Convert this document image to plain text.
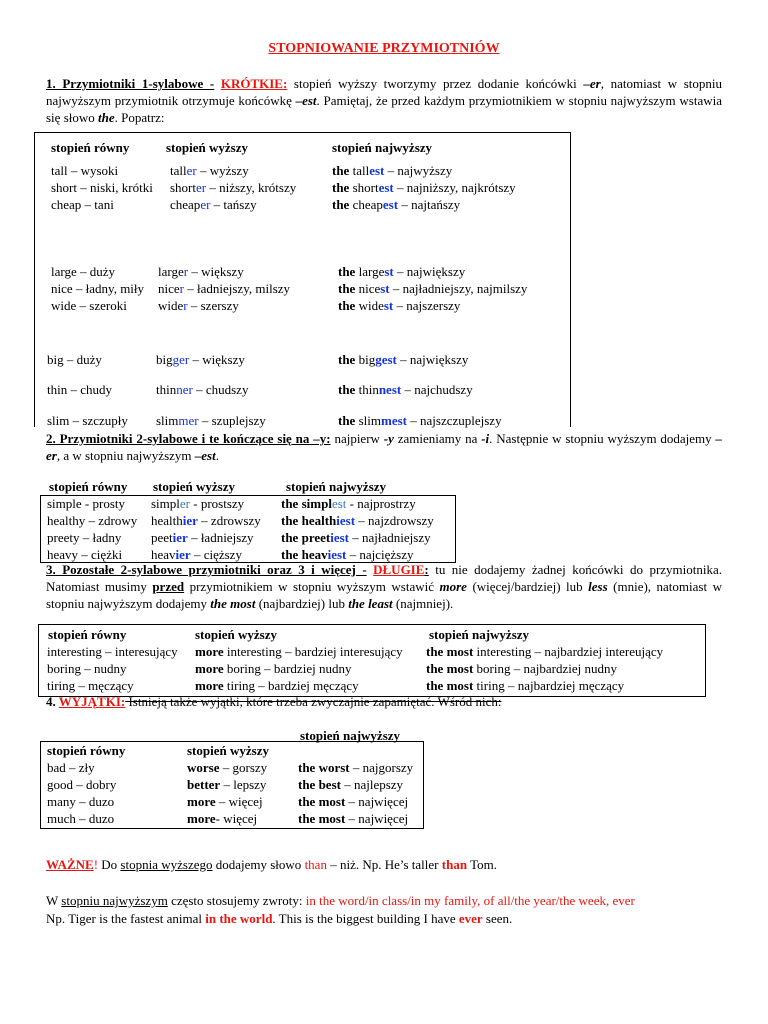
STOPNIOWANIE PRZYMIOTNIÓW
1. Przymiotniki 1-sylabowe - KRÓTKIE: stopień wyższy tworzymy przez dodanie końcówki –er, natomiast w stopniu najwyższym przymiotnik otrzymuje końcówkę –est. Pamiętaj, że przed każdym przymiotnikiem w stopniu najwyższym wstawia się słowo the. Popatrz:
stopień równy	stopień wyższy	stopień najwyższy
tall – wysoki	taller – wyższy	the tallest – najwyższy
short – niski, krótki shorter – niższy, krótszy	the shortest – najniższy, najkrótszy
cheap – tani	cheaper – tańszy	the cheapest – najtańszy
large – duży	larger – większy	the largest – największy
nice – ładny, miły nicer – ładniejszy, milszy	the nicest – najładniejszy, najmilszy
wide – szeroki wider – szerszy	the widest – najszerszy
big – duży	bigger – większy	the biggest – największy
thin – chudy	thinner – chudszy	the thinnest – najchudszy
slim – szczupły slimmer – szuplejszy	the slimmest – najszczuplejszy
2. Przymiotniki 2-sylabowe i te kończące się na –y: najpierw -y zamieniamy na -i. Następnie w stopniu wyższym dodajemy –er, a w stopniu najwyższym –est.
stopień równy stopień wyższy	stopień najwyższy
simple - prosty simpler - prostszy	the simplest - najprostrzy
healthy – zdrowy healthier – zdrowszy the healthiest – najzdrowszy
preety – ładny peetier – ładniejszy the preetiest – najładniejszy
heavy – ciężki heavier – cięższy	the heaviest – najcięższy
3. Pozostałe 2-sylabowe przymiotniki oraz 3 i więcej - DŁUGIE: tu nie dodajemy żadnej końcówki do przymiotnika. Natomiast musimy przed przymiotnikiem w stopniu wyższym wstawić more (więcej/bardziej) lub less (mnie), natomiast w stopniu najwyższym dodajemy the most (najbardziej) lub the least (najmniej).
stopień równy	stopień wyższy	stopień najwyższy
interesting – interesujący more interesting – bardziej interesujący the most interesting – najbardziej intereujący
boring – nudny	more boring – bardziej nudny	the most boring – najbardziej nudny
tiring – męczący	more tiring – bardziej męczący	the most tiring – najbardziej męczący
4. WYJĄTKI: Istnieją także wyjątki, które trzeba zwyczajnie zapamiętać. Wśród nich:
stopień najwyższy
stopień równy	stopień wyższy
bad – zły	worse – gorszy the worst – najgorszy
good – dobry	better – lepszy the best – najlepszy
many – duzo	more – więcej	the most – najwięcej
much – duzo	more- więcej	the most – najwięcej
WAŻNE! Do stopnia wyższego dodajemy słowo than – niż. Np. He’s taller than Tom.
W stopniu najwyższym często stosujemy zwroty: in the word/in class/in my family, of all/the year/the week, ever
Np. Tiger is the fastest animal in the world. This is the biggest building I have ever seen.
